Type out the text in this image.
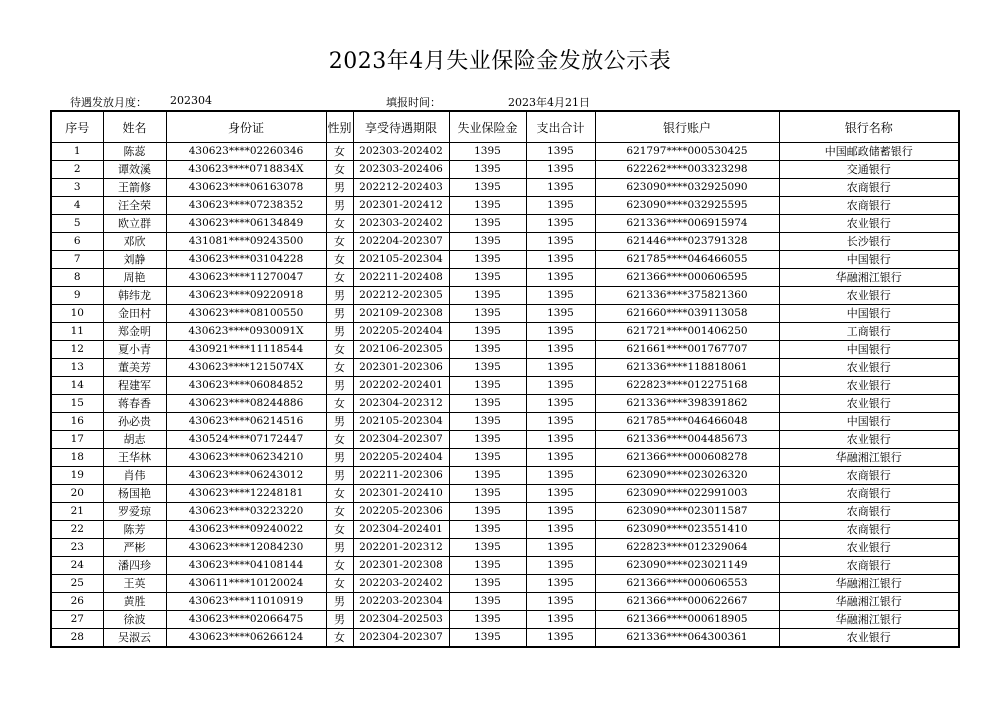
2023年4月失业保险金发放公示表
待遇发放月度： 202304	填报时间：	2023年4月21日
序号	姓名	身份证	性别	享受待遇期限	失业保险金	支出合计	银行账户	银行名称
1	陈蕊	430623****02260346	女	202303-202402	1395	1395	621797****000530425	中国邮政储蓄银行
2	谭效溪	430623****0718834X	女	202303-202406	1395	1395	622262****003323298	交通银行
3	王箭修	430623****06163078	男	202212-202403	1395	1395	623090****032925090	农商银行
4	汪全荣	430623****07238352	男	202301-202412	1395	1395	623090****032925595	农商银行
5	欧立群	430623****06134849	女	202303-202402	1395	1395	621336****006915974	农业银行
6	邓欣	431081****09243500	女	202204-202307	1395	1395	621446****023791328	长沙银行
7	刘静	430623****03104228	女	202105-202304	1395	1395	621785****046466055	中国银行
8	周艳	430623****11270047	女	202211-202408	1395	1395	621366****000606595	华融湘江银行
9	韩纬龙	430623****09220918	男	202212-202305	1395	1395	621336****375821360	农业银行
10	金田村	430623****08100550	男	202109-202308	1395	1395	621660****039113058	中国银行
11	郑金明	430623****0930091X	男	202205-202404	1395	1395	621721****001406250	工商银行
12	夏小青	430921****11118544	女	202106-202305	1395	1395	621661****001767707	中国银行
13	董美芳	430623****1215074X	女	202301-202306	1395	1395	621336****118818061	农业银行
14	程建军	430623****06084852	男	202202-202401	1395	1395	622823****012275168	农业银行
15	蒋春香	430623****08244886	女	202304-202312	1395	1395	621336****398391862	农业银行
16	孙必贵	430623****06214516	男	202105-202304	1395	1395	621785****046466048	中国银行
17	胡志	430524****07172447	女	202304-202307	1395	1395	621336****004485673	农业银行
18	王华林	430623****06234210	男	202205-202404	1395	1395	621366****000608278	华融湘江银行
19	肖伟	430623****06243012	男	202211-202306	1395	1395	623090****023026320	农商银行
20	杨国艳	430623****12248181	女	202301-202410	1395	1395	623090****022991003	农商银行
21	罗爱琼	430623****03223220	女	202205-202306	1395	1395	623090****023011587	农商银行
22	陈芳	430623****09240022	女	202304-202401	1395	1395	623090****023551410	农商银行
23	严彬	430623****12084230	男	202201-202312	1395	1395	622823****012329064	农业银行
24	潘四珍	430623****04108144	女	202301-202308	1395	1395	623090****023021149	农商银行
25	王英	430611****10120024	女	202203-202402	1395	1395	621366****000606553	华融湘江银行
26	黄胜	430623****11010919	男	202203-202304	1395	1395	621366****000622667	华融湘江银行
27	徐波	430623****02066475	男	202304-202503	1395	1395	621366****000618905	华融湘江银行
28	吴淑云	430623****06266124	女	202304-202307	1395	1395	621336****064300361	农业银行
